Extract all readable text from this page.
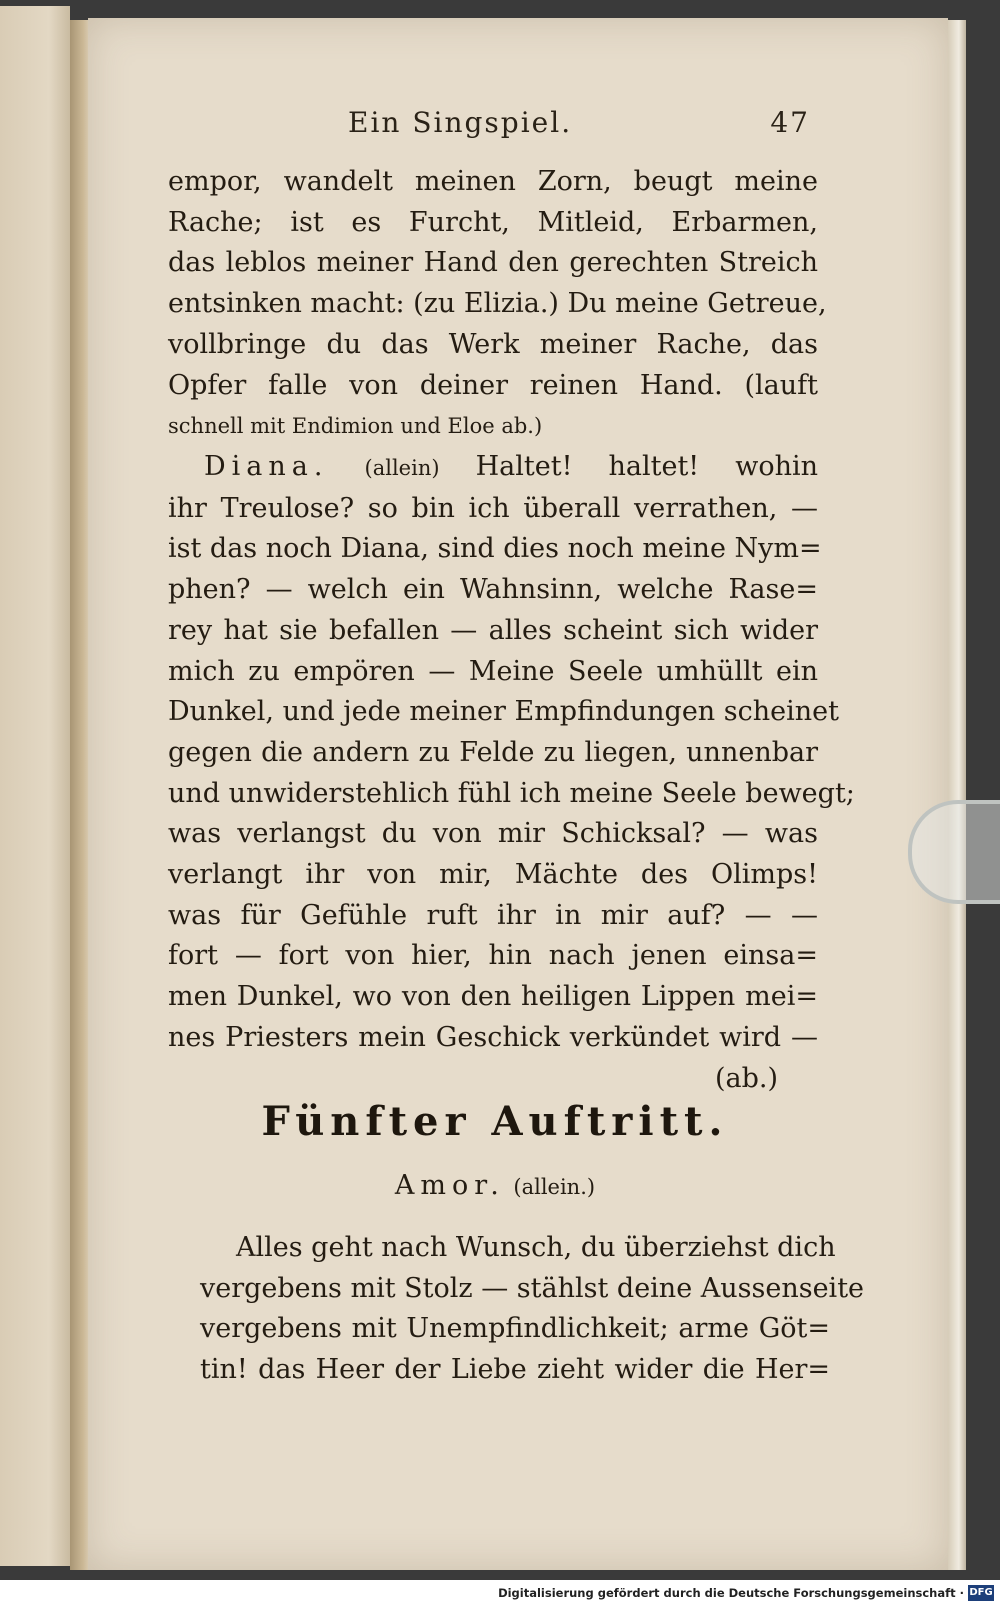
Ein Singspiel.	47
empor, wandelt meinen Zorn, beugt meine
Rache; ist es Furcht, Mitleid, Erbarmen,
das leblos meiner Hand den gerechten Streich
entsinken macht: (zu Elizia.) Du meine Getreue,
vollbringe du das Werk meiner Rache, das
Opfer falle von deiner reinen Hand. (lauft
schnell mit Endimion und Eloe ab.)
Diana. (allein) Haltet! haltet! wohin
ihr Treulose? so bin ich überall verrathen, —
ist das noch Diana, sind dies noch meine Nym=
phen? — welch ein Wahnsinn, welche Rase=
rey hat sie befallen — alles scheint sich wider
mich zu empören — Meine Seele umhüllt ein
Dunkel, und jede meiner Empfindungen scheinet
gegen die andern zu Felde zu liegen, unnenbar
und unwiderstehlich fühl ich meine Seele bewegt;
was verlangst du von mir Schicksal? — was
verlangt ihr von mir, Mächte des Olimps!
was für Gefühle ruft ihr in mir auf? — —
fort — fort von hier, hin nach jenen einsa=
men Dunkel, wo von den heiligen Lippen mei=
nes Priesters mein Geschick verkündet wird —
(ab.)
Fünfter Auftritt.
Amor. (allein.)
Alles geht nach Wunsch, du überziehst dich
vergebens mit Stolz — stählst deine Aussenseite
vergebens mit Unempfindlichkeit; arme Göt=
tin! das Heer der Liebe zieht wider die Her=
Digitalisierung gefördert durch die Deutsche Forschungsgemeinschaft · DFG
